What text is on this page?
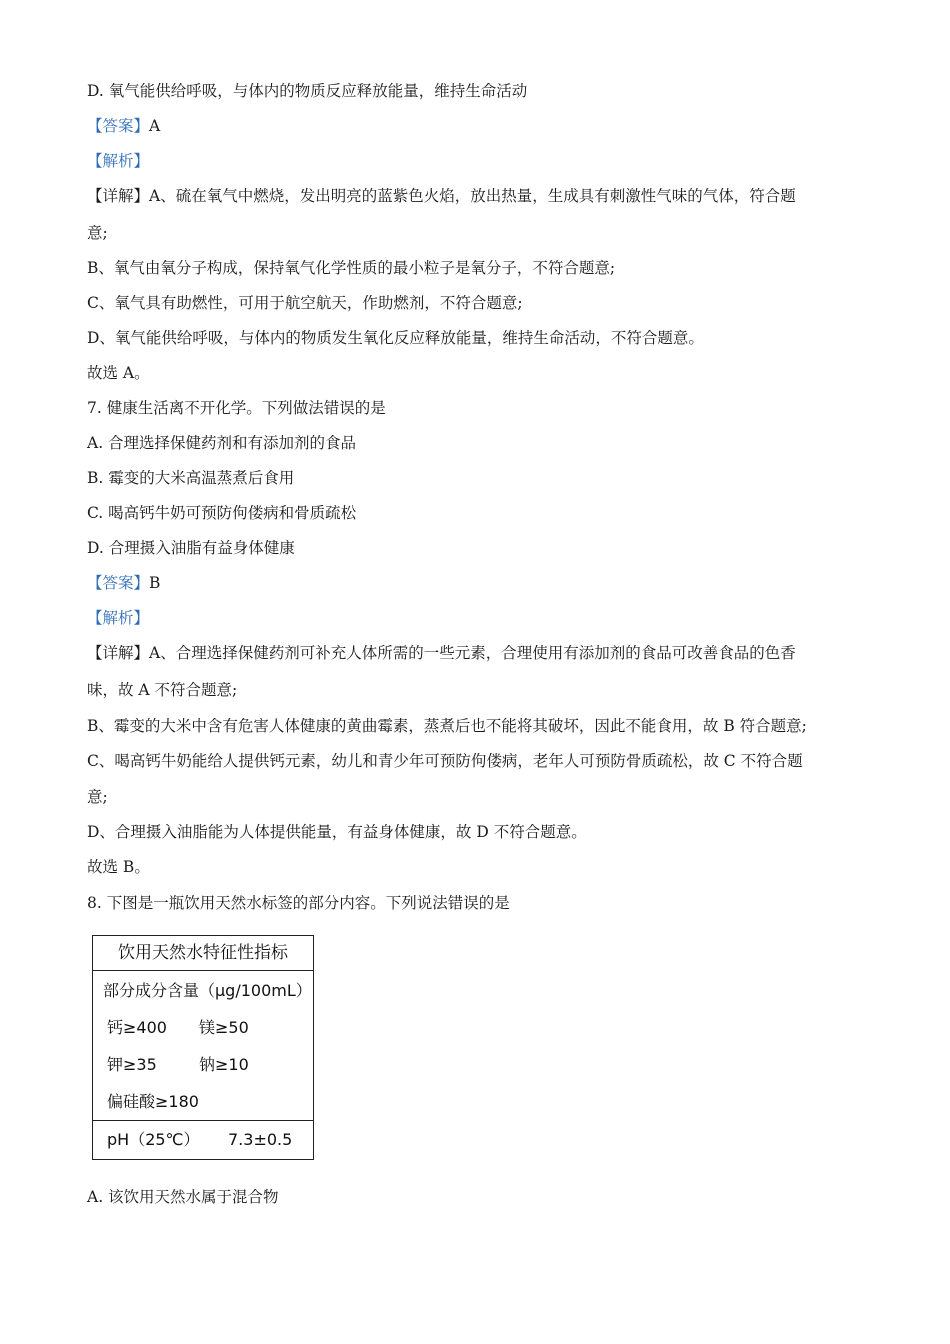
D. 氧气能供给呼吸，与体内的物质反应释放能量，维持生命活动
【答案】A
【解析】
【详解】A、硫在氧气中燃烧，发出明亮的蓝紫色火焰，放出热量，生成具有刺激性气味的气体，符合题
意;
B、氧气由氧分子构成，保持氧气化学性质的最小粒子是氧分子，不符合题意;
C、氧气具有助燃性，可用于航空航天，作助燃剂，不符合题意;
D、氧气能供给呼吸，与体内的物质发生氧化反应释放能量，维持生命活动，不符合题意。
故选 A。
7. 健康生活离不开化学。下列做法错误的是
A. 合理选择保健药剂和有添加剂的食品
B. 霉变的大米高温蒸煮后食用
C. 喝高钙牛奶可预防佝偻病和骨质疏松
D. 合理摄入油脂有益身体健康
【答案】B
【解析】
【详解】A、合理选择保健药剂可补充人体所需的一些元素，合理使用有添加剂的食品可改善食品的色香
味，故 A 不符合题意;
B、霉变的大米中含有危害人体健康的黄曲霉素，蒸煮后也不能将其破坏，因此不能食用，故 B 符合题意;
C、喝高钙牛奶能给人提供钙元素，幼儿和青少年可预防佝偻病，老年人可预防骨质疏松，故 C 不符合题
意;
D、合理摄入油脂能为人体提供能量，有益身体健康，故 D 不符合题意。
故选 B。
8. 下图是一瓶饮用天然水标签的部分内容。下列说法错误的是
饮用天然水特征性指标
部分成分含量（μg/100mL）
钙≥400 镁≥50
钾≥35	钠≥10
偏硅酸≥180
pH（25℃） 7.3±0.5
A. 该饮用天然水属于混合物
